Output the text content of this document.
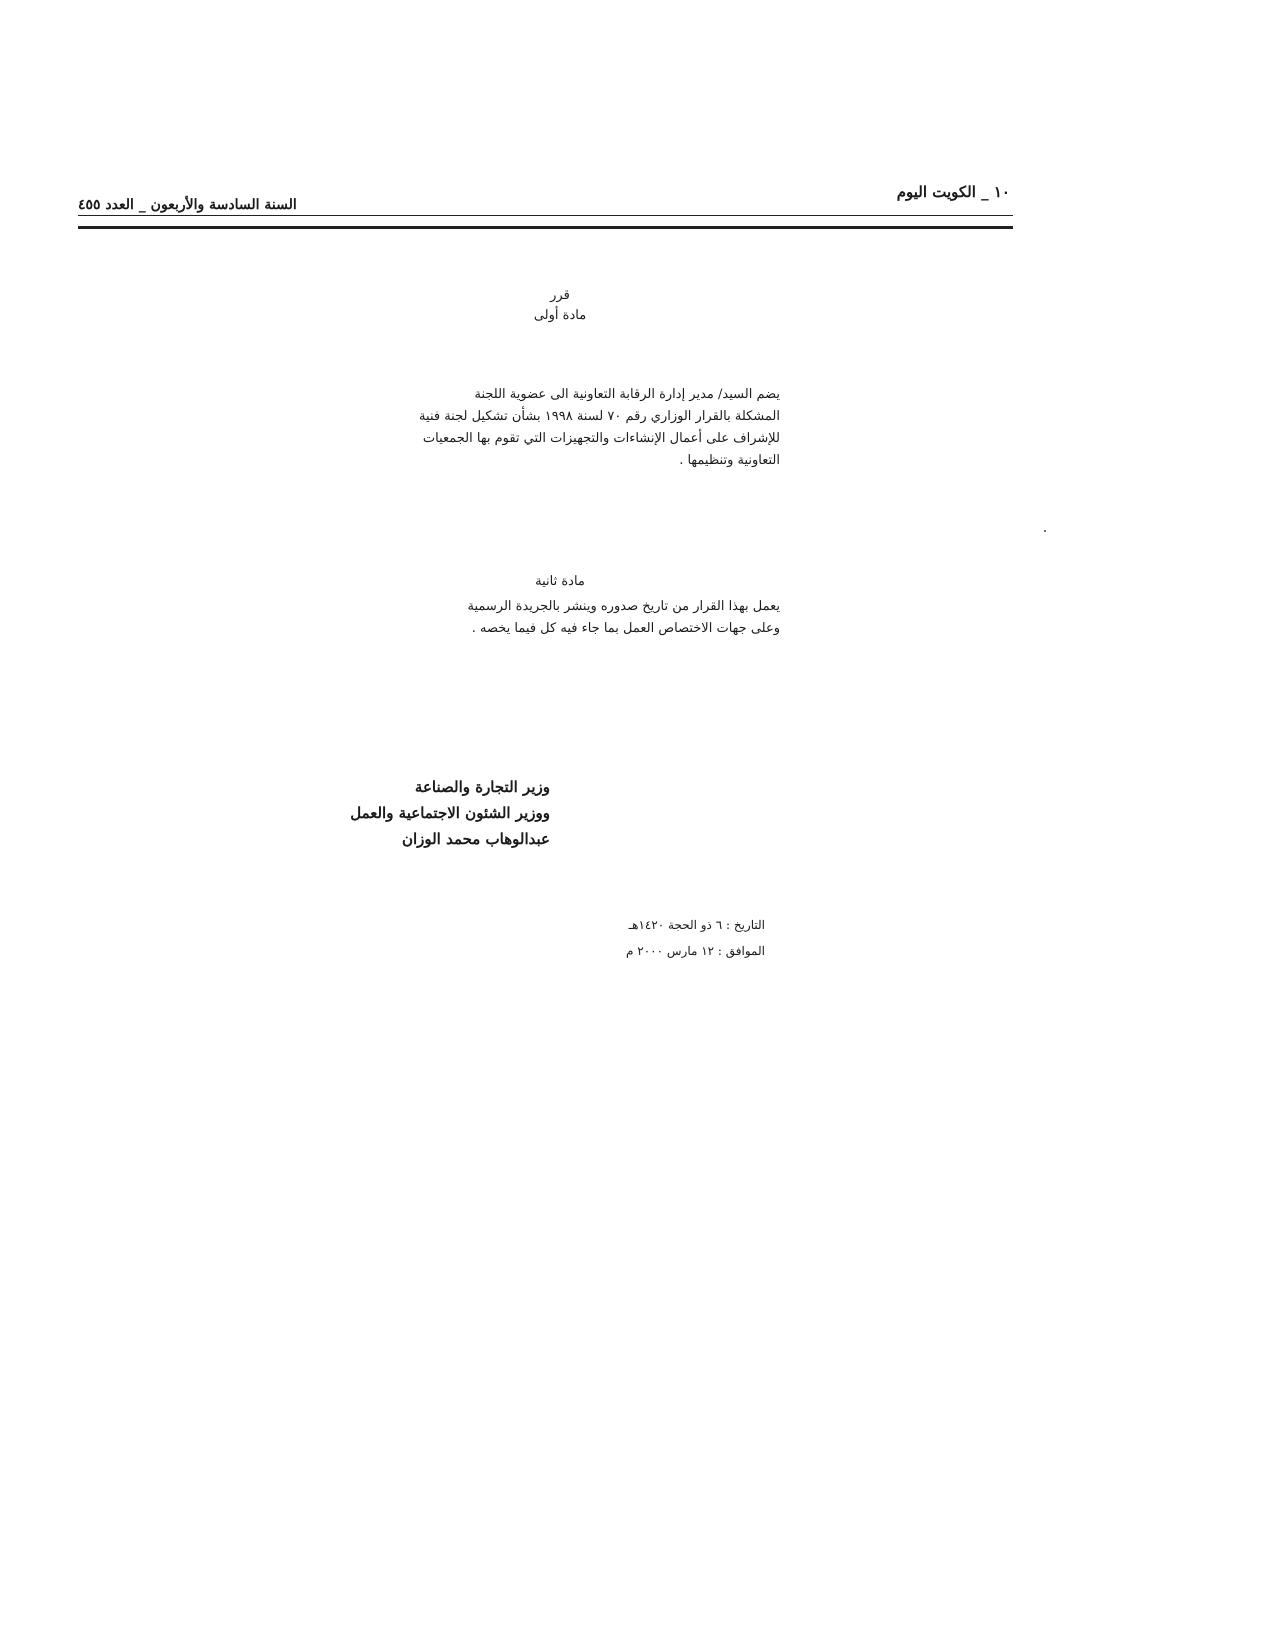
١٠ _ الكويت اليوم
السنة السادسة والأربعون _ العدد ٤٥٥
قرر
مادة أولى

يضم السيد/ مدير إدارة الرقابة التعاونية الى عضوية اللجنة

المشكلة بالقرار الوزاري رقم ٧٠ لسنة ١٩٩٨ بشأن تشكيل لجنة فنية

للإشراف على أعمال الإنشاءات والتجهيزات التي تقوم بها الجمعيات

التعاونية وتنظيمها .

مادة ثانية

يعمل بهذا القرار من تاريخ صدوره وينشر بالجريدة الرسمية

وعلى جهات الاختصاص العمل بما جاء فيه كل فيما يخصه .

وزير التجارة والصناعة
ووزير الشئون الاجتماعية والعمل
عبدالوهاب محمد الوزان
التاريخ : ٦ ذو الحجة ١٤٢٠هـ
الموافق : ١٢ مارس ٢٠٠٠ م
